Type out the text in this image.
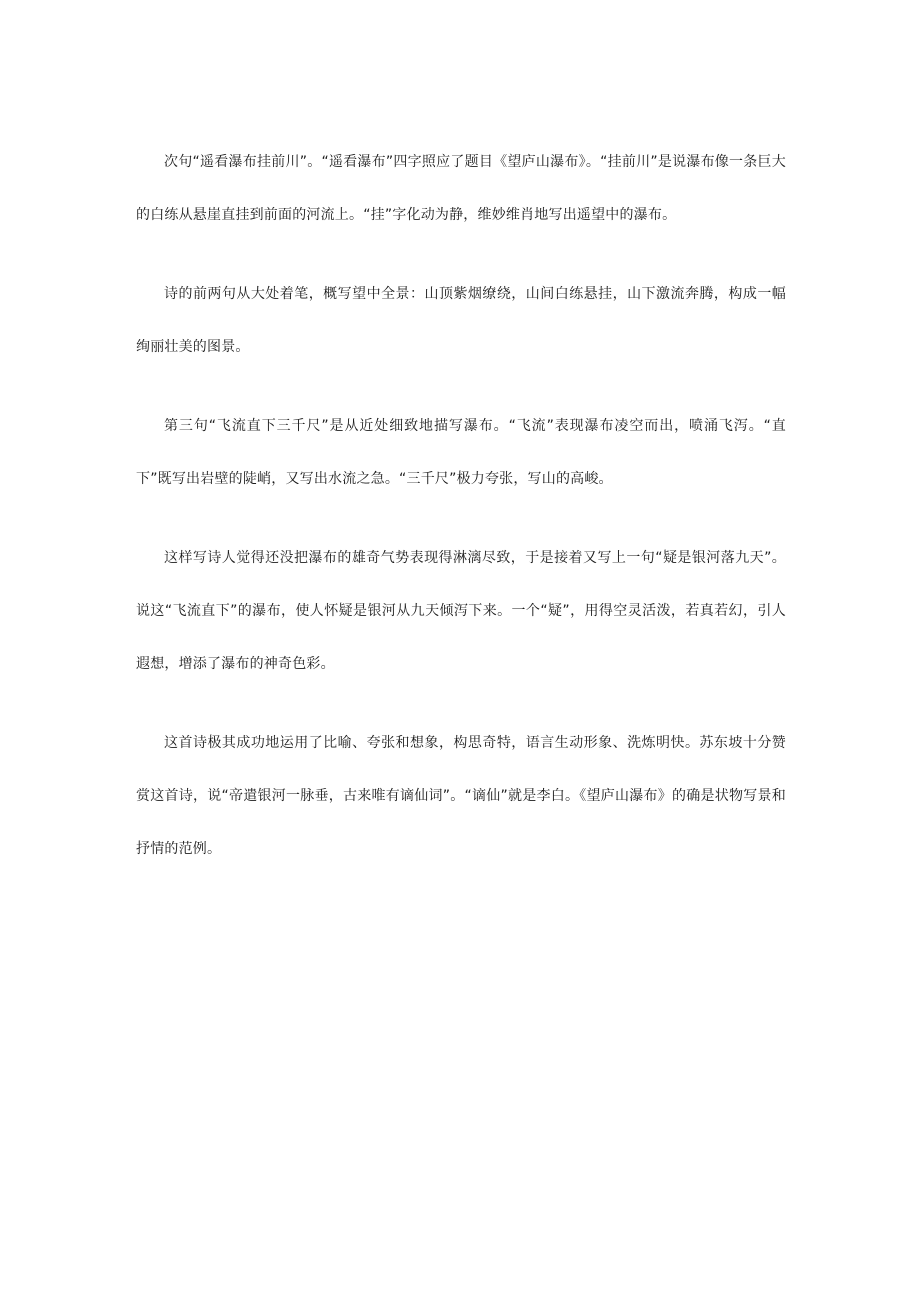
次句“遥看瀑布挂前川”。“遥看瀑布”四字照应了题目《望庐山瀑布》。“挂前川”是说瀑布像一条巨大的白练从悬崖直挂到前面的河流上。“挂”字化动为静，维妙维肖地写出遥望中的瀑布。

诗的前两句从大处着笔，概写望中全景：山顶紫烟缭绕，山间白练悬挂，山下激流奔腾，构成一幅绚丽壮美的图景。

第三句“飞流直下三千尺”是从近处细致地描写瀑布。“飞流”表现瀑布凌空而出，喷涌飞泻。“直下”既写出岩壁的陡峭，又写出水流之急。“三千尺”极力夸张，写山的高峻。

这样写诗人觉得还没把瀑布的雄奇气势表现得淋漓尽致，于是接着又写上一句“疑是银河落九天”。说这“飞流直下”的瀑布，使人怀疑是银河从九天倾泻下来。一个“疑”，用得空灵活泼，若真若幻，引人遐想，增添了瀑布的神奇色彩。

这首诗极其成功地运用了比喻、夸张和想象，构思奇特，语言生动形象、洗炼明快。苏东坡十分赞赏这首诗，说“帝遣银河一脉垂，古来唯有谪仙词”。“谪仙”就是李白。《望庐山瀑布》的确是状物写景和抒情的范例。
